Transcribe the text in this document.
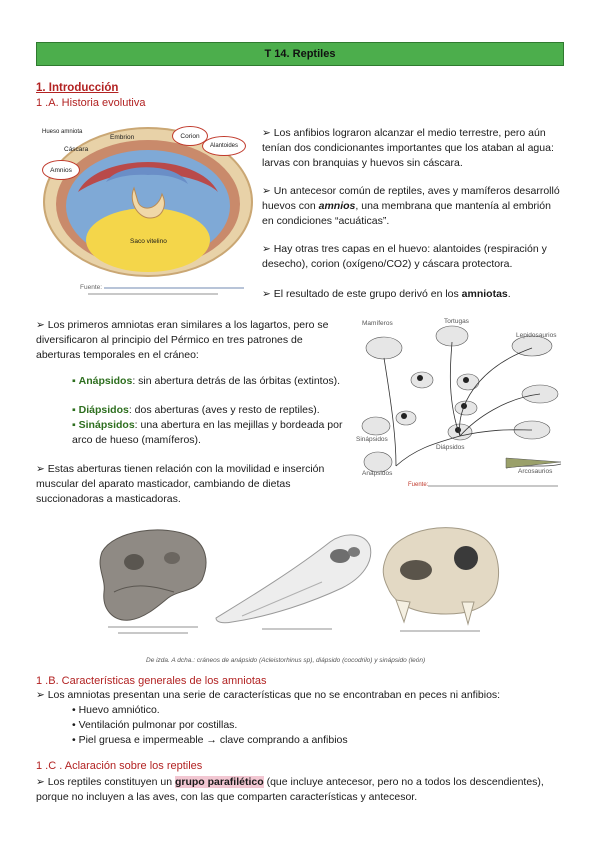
T 14. Reptiles
1. Introducción
1 .A. Historia evolutiva
Hueso amniota
Embrion
Cáscara
Corion
Alantoides
Amnios
Saco vitelino
Fuente:
➢ Los anfibios lograron alcanzar el medio terrestre, pero aún tenían dos condicionantes importantes que los ataban al agua: larvas con branquias y huevos sin cáscara.
➢ Un antecesor común de reptiles, aves y mamíferos desarrolló huevos con amnios, una membrana que mantenía al embrión en condiciones “acuáticas”.
➢ Hay otras tres capas en el huevo: alantoides (respiración y desecho), corion (oxígeno/CO2) y cáscara protectora.
➢ El resultado de este grupo derivó en los amniotas.
➢ Los primeros amniotas eran similares a los lagartos, pero se diversificaron al principio del Pérmico en tres patrones de aberturas temporales en el cráneo:
▪ Anápsidos: sin abertura detrás de las órbitas (extintos).
▪ Diápsidos: dos aberturas (aves y resto de reptiles).
▪ Sinápsidos: una abertura en las mejillas y bordeada por arco de hueso (mamíferos).
➢ Estas aberturas tienen relación con la movilidad e inserción muscular del aparato masticador, cambiando de dietas succionadoras a masticadoras.
Mamíferos	Tortugas
Lepidosaurios
Sinápsidos
Diápsidos
Anápsidos	Arcosaurios
Fuente:
De izda. A dcha.: cráneos de anápsido (Acleistorhinus sp), diápsido (cocodrilo) y sinápsido (león)
1 .B. Características generales de los amniotas
➢ Los amniotas presentan una serie de características que no se encontraban en peces ni anfibios:
• Huevo amniótico.
• Ventilación pulmonar por costillas.
• Piel gruesa e impermeable → clave comprando a anfibios
1 .C . Aclaración sobre los reptiles
➢ Los reptiles constituyen un grupo parafilético (que incluye antecesor, pero no a todos los descendientes), porque no incluyen a las aves, con las que comparten características y antecesor.
